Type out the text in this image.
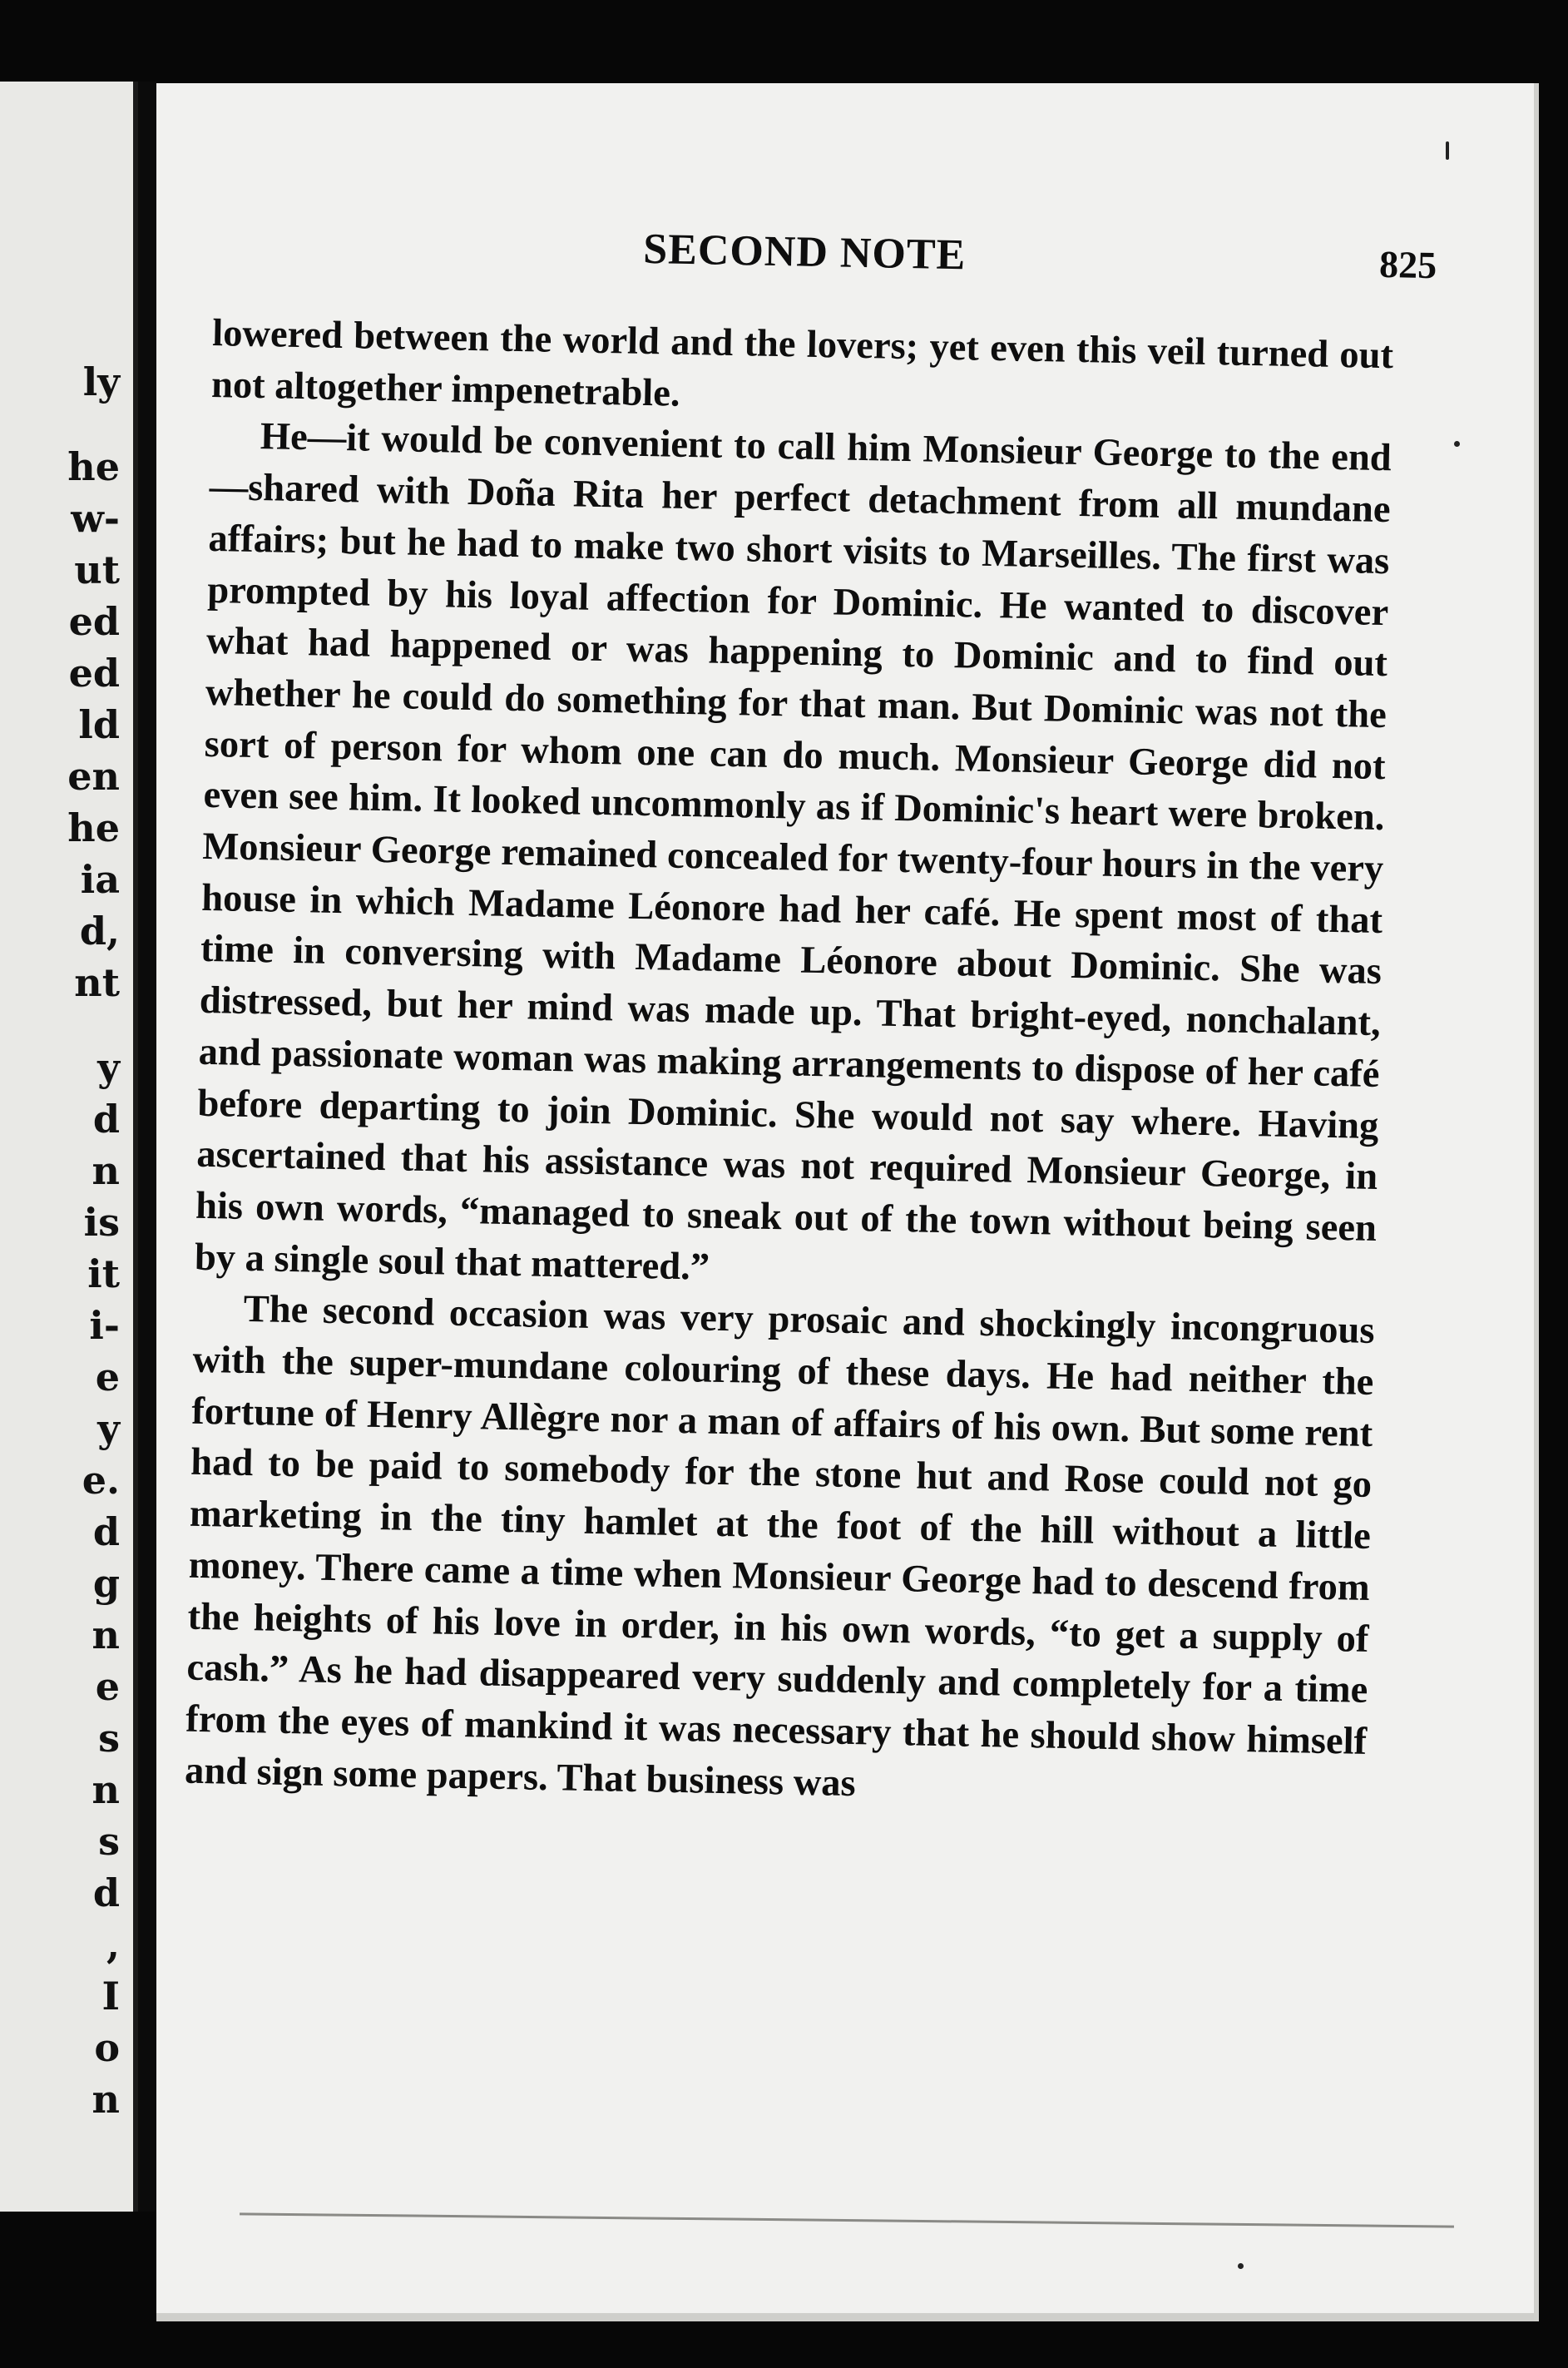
ly
he
w-
ut
ed
ed
ld
en
he
ia
d,
nt
y
d
n
is
it
i-
e
y
e.
d
g
n
e
s
n
s
d
,
I
o
n
SECOND NOTE	825

lowered between the world and the lovers; yet even this veil turned out not altogether impenetrable.

He—it would be convenient to call him Monsieur George to the end—shared with Doña Rita her perfect detachment from all mundane affairs; but he had to make two short visits to Marseilles. The first was prompted by his loyal affection for Dominic. He wanted to discover what had happened or was happening to Dominic and to find out whether he could do something for that man. But Dominic was not the sort of person for whom one can do much. Monsieur George did not even see him. It looked uncommonly as if Dominic's heart were broken. Monsieur George remained concealed for twenty-four hours in the very house in which Madame Léonore had her café. He spent most of that time in conversing with Madame Léonore about Dominic. She was distressed, but her mind was made up. That bright-eyed, nonchalant, and passionate woman was making arrangements to dispose of her café before departing to join Dominic. She would not say where. Having ascertained that his assistance was not required Monsieur George, in his own words, “managed to sneak out of the town without being seen by a single soul that mattered.”

The second occasion was very prosaic and shockingly incongruous with the super-mundane colouring of these days. He had neither the fortune of Henry Allègre nor a man of affairs of his own. But some rent had to be paid to somebody for the stone hut and Rose could not go marketing in the tiny hamlet at the foot of the hill without a little money. There came a time when Monsieur George had to descend from the heights of his love in order, in his own words, “to get a supply of cash.” As he had disappeared very suddenly and completely for a time from the eyes of mankind it was necessary that he should show himself and sign some papers. That business was
